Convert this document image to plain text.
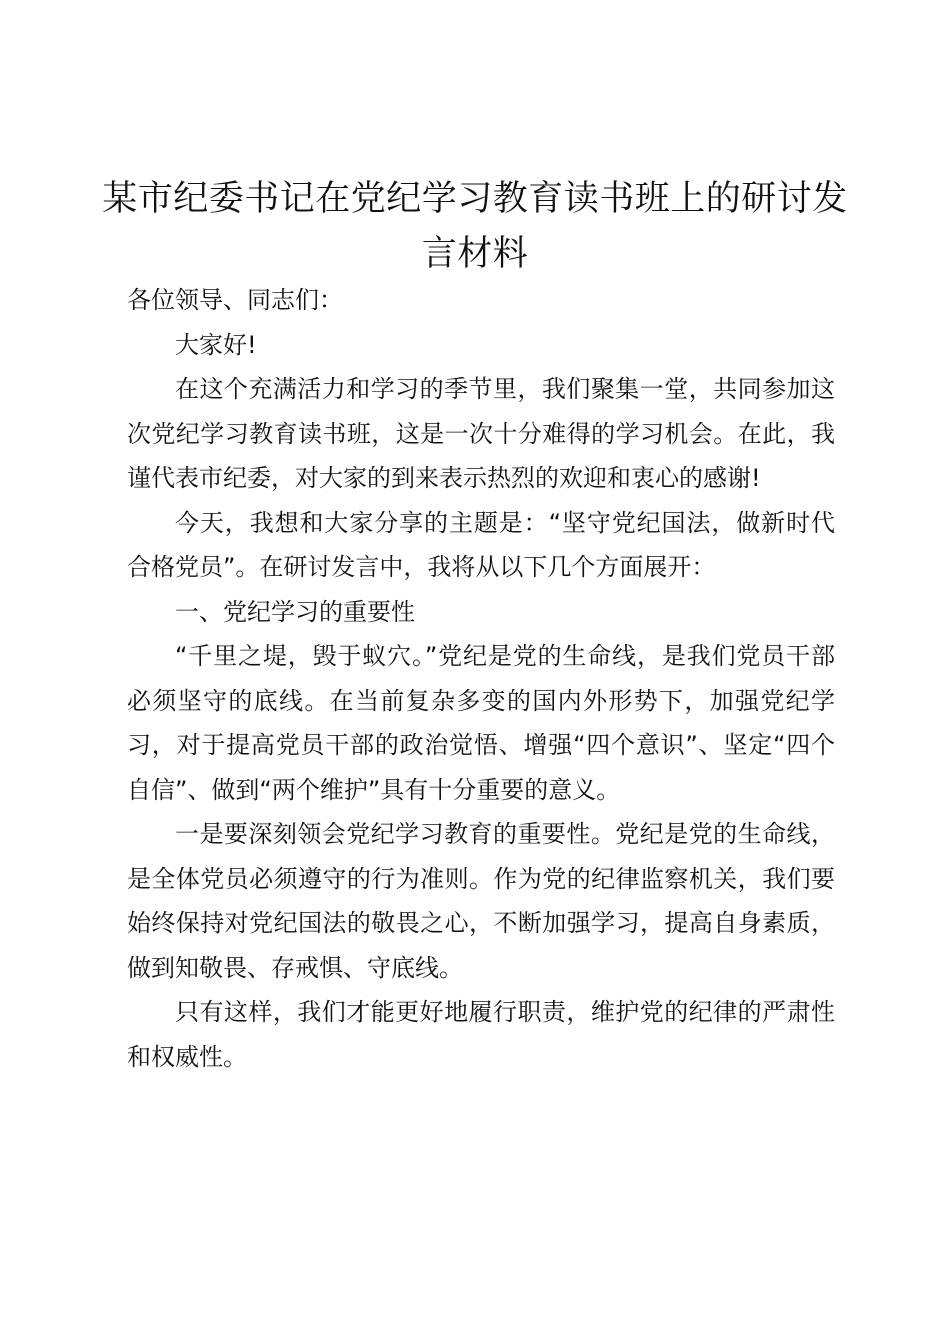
某市纪委书记在党纪学习教育读书班上的研讨发言材料

各位领导、同志们：

大家好!

在这个充满活力和学习的季节里，我们聚集一堂，共同参加这次党纪学习教育读书班，这是一次十分难得的学习机会。在此，我谨代表市纪委，对大家的到来表示热烈的欢迎和衷心的感谢!

今天，我想和大家分享的主题是：“坚守党纪国法，做新时代合格党员”。在研讨发言中，我将从以下几个方面展开：

一、党纪学习的重要性

“千里之堤，毁于蚁穴。”党纪是党的生命线，是我们党员干部必须坚守的底线。在当前复杂多变的国内外形势下，加强党纪学习，对于提高党员干部的政治觉悟、增强“四个意识”、坚定“四个自信”、做到“两个维护”具有十分重要的意义。

一是要深刻领会党纪学习教育的重要性。党纪是党的生命线，是全体党员必须遵守的行为准则。作为党的纪律监察机关，我们要始终保持对党纪国法的敬畏之心，不断加强学习，提高自身素质，做到知敬畏、存戒惧、守底线。

只有这样，我们才能更好地履行职责，维护党的纪律的严肃性和权威性。
